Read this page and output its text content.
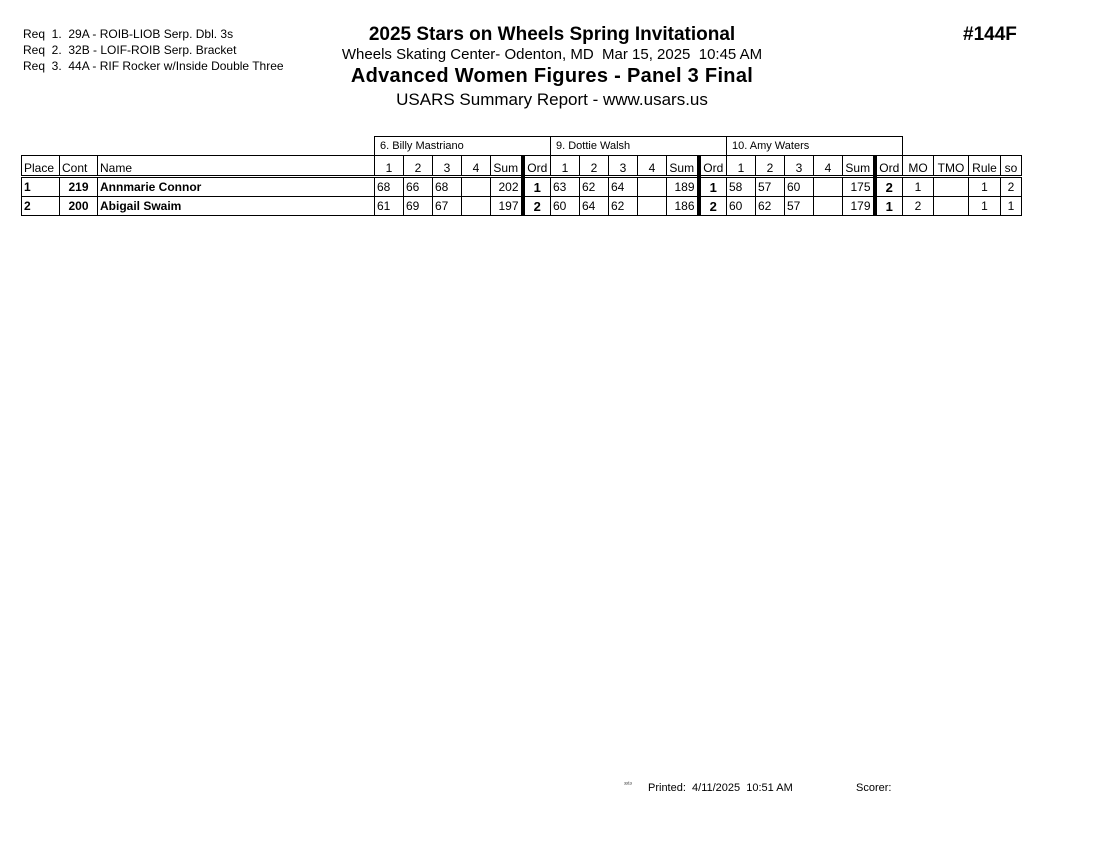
Req  1.  29A - ROIB-LIOB Serp. Dbl. 3s
Req  2.  32B - LOIF-ROIB Serp. Bracket
Req  3.  44A - RIF Rocker w/Inside Double Three
2025 Stars on Wheels Spring Invitational
Wheels Skating Center- Odenton, MD  Mar 15, 2025  10:45 AM
Advanced Women Figures - Panel 3 Final
USARS Summary Report - www.usars.us
#144F
			6. Billy Mastriano						9. Dottie Walsh						10. Amy Waters									
Place	Cont	Name	1	2	3	4	Sum	Ord	1	2	3	4	Sum	Ord	1	2	3	4	Sum	Ord	MO	TMO	Rule	so
1	219	Annmarie Connor	68	66	68		202	1	63	62	64		189	1	58	57	60		175	2	1		1	2
2	200	Abigail Swaim	61	69	67		197	2	60	64	62		186	2	60	62	57		179	1	2		1	1
ᵌᵌ¹ᵌ Printed:  4/11/2025  10:51 AM	Scorer:
